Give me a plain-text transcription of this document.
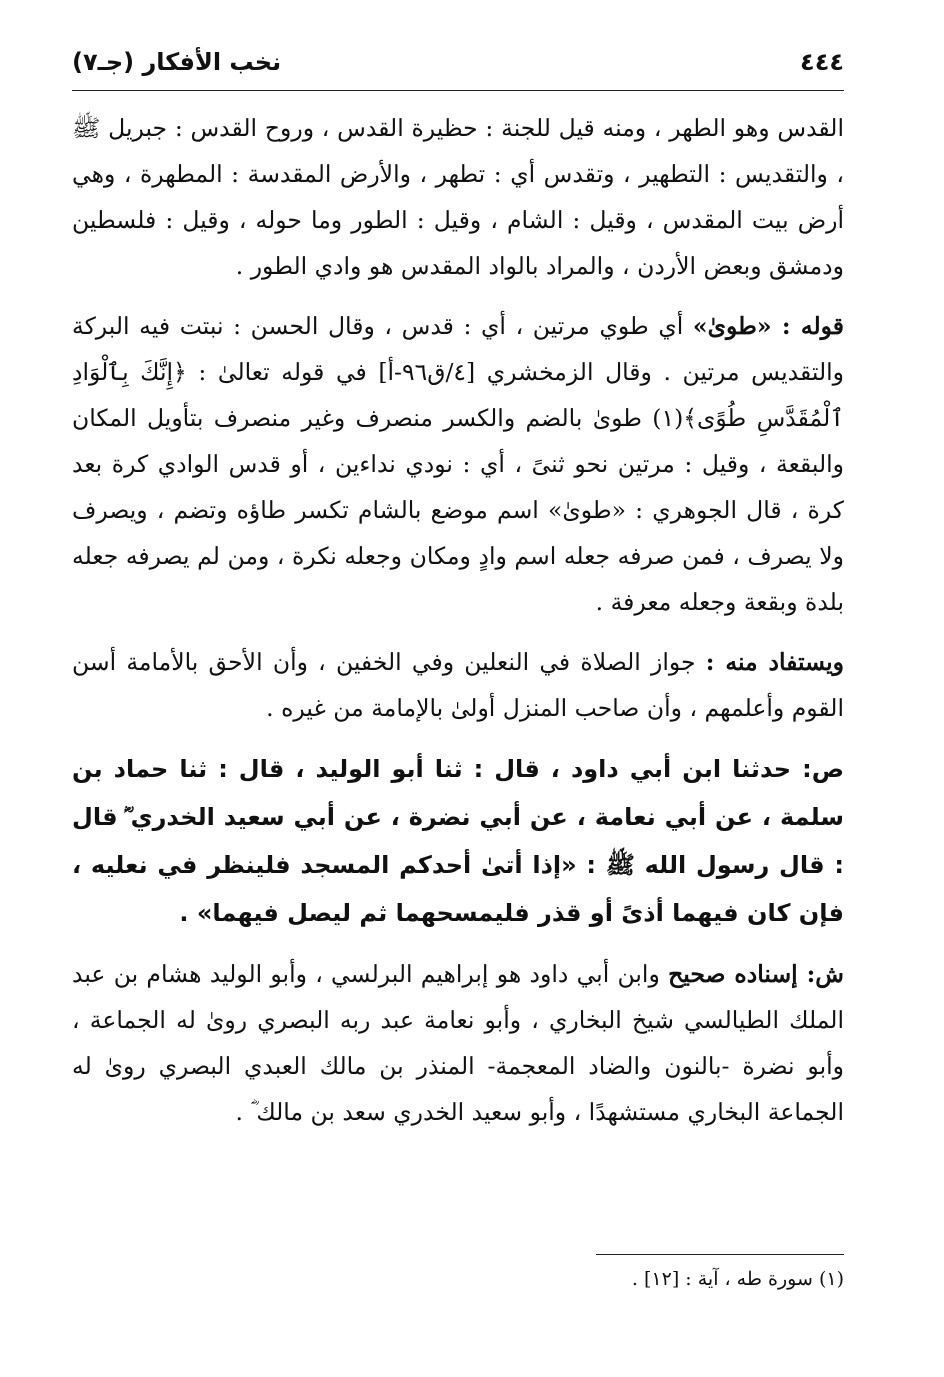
٤٤٤
نخب الأفكار (جـ٧)

القدس وهو الطهر ، ومنه قيل للجنة : حظيرة القدس ، وروح القدس : جبريل ﷺ ، والتقديس : التطهير ، وتقدس أي : تطهر ، والأرض المقدسة : المطهرة ، وهي أرض بيت المقدس ، وقيل : الشام ، وقيل : الطور وما حوله ، وقيل : فلسطين ودمشق وبعض الأردن ، والمراد بالواد المقدس هو وادي الطور .

قوله : «طوىٰ» أي طوي مرتين ، أي : قدس ، وقال الحسن : نبتت فيه البركة والتقديس مرتين . وقال الزمخشري [٤/ق٩٦-أ] في قوله تعالىٰ : ﴿إِنَّكَ بِٱلْوَادِ ٱلْمُقَدَّسِ طُوًى﴾(١) طوىٰ بالضم والكسر منصرف وغير منصرف بتأويل المكان والبقعة ، وقيل : مرتين نحو ثنىً ، أي : نودي نداءين ، أو قدس الوادي كرة بعد كرة ، قال الجوهري : «طوىٰ» اسم موضع بالشام تكسر طاؤه وتضم ، ويصرف ولا يصرف ، فمن صرفه جعله اسم وادٍ ومكان وجعله نكرة ، ومن لم يصرفه جعله بلدة وبقعة وجعله معرفة .

ويستفاد منه : جواز الصلاة في النعلين وفي الخفين ، وأن الأحق بالأمامة أسن القوم وأعلمهم ، وأن صاحب المنزل أولىٰ بالإمامة من غيره .

ص: حدثنا ابن أبي داود ، قال : ثنا أبو الوليد ، قال : ثنا حماد بن سلمة ، عن أبي نعامة ، عن أبي نضرة ، عن أبي سعيد الخدري ؓ قال : قال رسول الله ﷺ : «إذا أتىٰ أحدكم المسجد فلينظر في نعليه ، فإن كان فيهما أذىً أو قذر فليمسحهما ثم ليصل فيهما» .

ش: إسناده صحيح وابن أبي داود هو إبراهيم البرلسي ، وأبو الوليد هشام بن عبد الملك الطيالسي شيخ البخاري ، وأبو نعامة عبد ربه البصري روىٰ له الجماعة ، وأبو نضرة -بالنون والضاد المعجمة- المنذر بن مالك العبدي البصري روىٰ له الجماعة البخاري مستشهدًا ، وأبو سعيد الخدري سعد بن مالك ؓ .

(١) سورة طه ، آية : [١٢] .
